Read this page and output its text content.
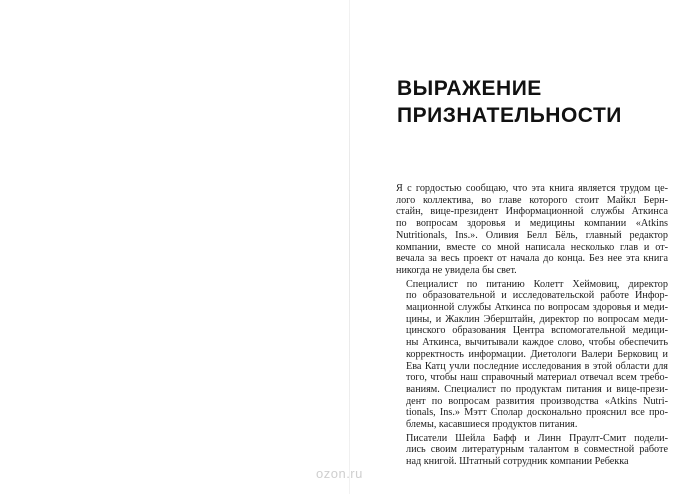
ВЫРАЖЕНИЕ
ПРИЗНАТЕЛЬНОСТИ

Я с гордостью сообщаю, что эта книга является трудом це-
лого коллектива, во главе которого стоит Майкл Берн-
стайн, вице-президент Информационной службы Аткинса
по вопросам здоровья и медицины компании «Atkins
Nutritionals, Ins.». Оливия Белл Бёль, главный редактор
компании, вместе со мной написала несколько глав и от-
вечала за весь проект от начала до конца. Без нее эта книга
никогда не увидела бы свет.

Специалист по питанию Колетт Хеймовиц, директор
по образовательной и исследовательской работе Инфор-
мационной службы Аткинса по вопросам здоровья и меди-
цины, и Жаклин Эберштайн, директор по вопросам меди-
цинского образования Центра вспомогательной медици-
ны Аткинса, вычитывали каждое слово, чтобы обеспечить
корректность информации. Диетологи Валери Берковиц и
Ева Катц учли последние исследования в этой области для
того, чтобы наш справочный материал отвечал всем требо-
ваниям. Специалист по продуктам питания и вице-прези-
дент по вопросам развития производства «Atkins Nutri-
tionals, Ins.» Мэтт Сполар досконально прояснил все про-
блемы, касавшиеся продуктов питания.

Писатели Шейла Бафф и Линн Праулт-Смит подели-
лись своим литературным талантом в совместной работе
над книгой. Штатный сотрудник компании Ребекка

ozon.ru
